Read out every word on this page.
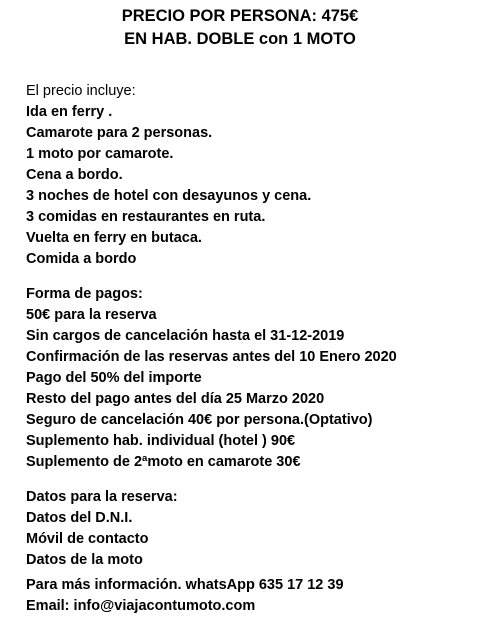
PRECIO POR PERSONA: 475€
EN HAB. DOBLE con 1 MOTO
El precio incluye:
Ida en ferry .
Camarote para 2 personas.
1 moto por camarote.
Cena a bordo.
3 noches de hotel con desayunos y cena.
3 comidas en restaurantes en ruta.
Vuelta en ferry en butaca.
Comida a bordo
Forma de pagos:
50€ para la reserva
Sin cargos de cancelación hasta el 31-12-2019
Confirmación de las reservas antes del 10 Enero 2020
Pago del 50% del importe
Resto del pago antes del día 25 Marzo 2020
Seguro de cancelación 40€ por persona.(Optativo)
Suplemento hab. individual (hotel ) 90€
Suplemento de 2ªmoto en camarote 30€
Datos para la reserva:
Datos del D.N.I.
Móvil de contacto
Datos de la moto
Para más información. whatsApp 635 17 12 39
Email: info@viajacontumoto.com
